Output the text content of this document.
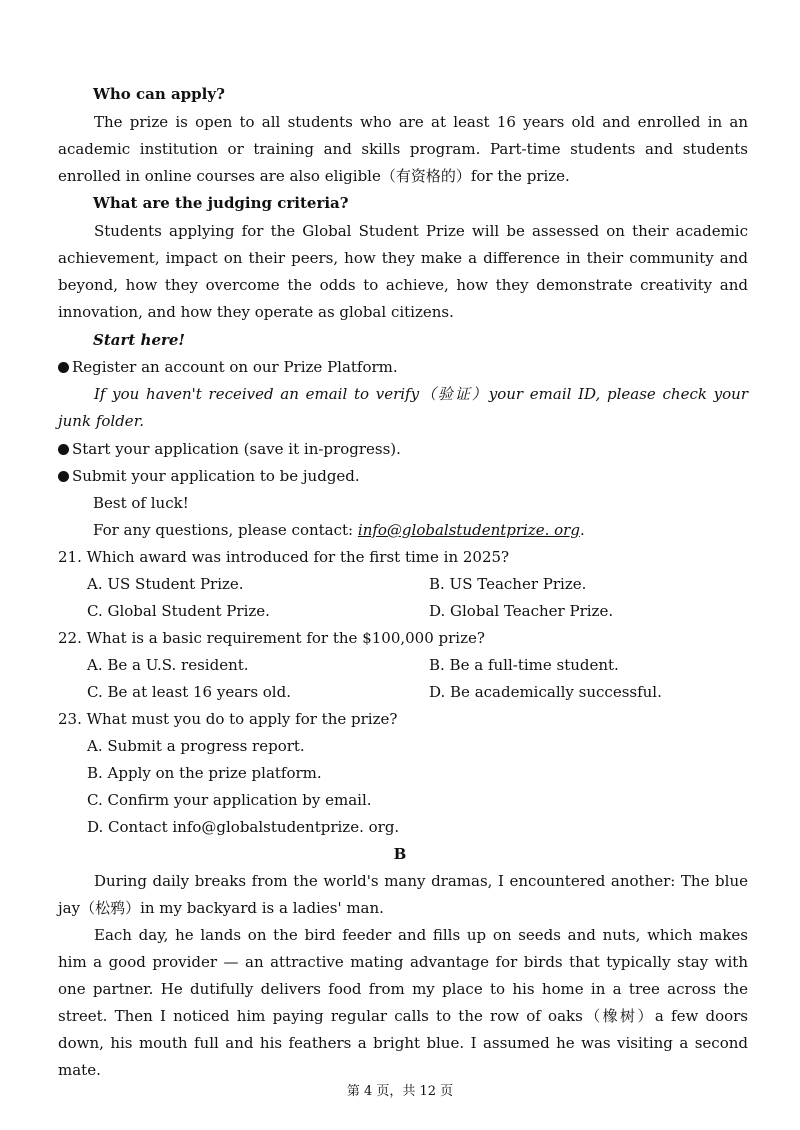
Who can apply?

The prize is open to all students who are at least 16 years old and enrolled in an academic institution or training and skills program. Part-time students and students enrolled in online courses are also eligible（有资格的）for the prize.

What are the judging criteria?

Students applying for the Global Student Prize will be assessed on their academic achievement, impact on their peers, how they make a difference in their community and beyond, how they overcome the odds to achieve, how they demonstrate creativity and innovation, and how they operate as global citizens.

Start here!

Register an account on our Prize Platform.

If you haven't received an email to verify（验证）your email ID, please check your junk folder.

Start your application (save it in-progress).

Submit your application to be judged.

Best of luck!

For any questions, please contact: info@globalstudentprize. org.

21. Which award was introduced for the first time in 2025?

A. US Student Prize.	B. US Teacher Prize.

C. Global Student Prize.	D. Global Teacher Prize.

22. What is a basic requirement for the $100,000 prize?

A. Be a U.S. resident.	B. Be a full-time student.

C. Be at least 16 years old.	D. Be academically successful.

23. What must you do to apply for the prize?

A. Submit a progress report.

B. Apply on the prize platform.

C. Confirm your application by email.

D. Contact info@globalstudentprize. org.

B

During daily breaks from the world's many dramas, I encountered another: The blue jay（松鸦）in my backyard is a ladies' man.

Each day, he lands on the bird feeder and fills up on seeds and nuts, which makes him a good provider — an attractive mating advantage for birds that typically stay with one partner. He dutifully delivers food from my place to his home in a tree across the street. Then I noticed him paying regular calls to the row of oaks（橡树）a few doors down, his mouth full and his feathers a bright blue. I assumed he was visiting a second mate.

第 4 页，共 12 页
